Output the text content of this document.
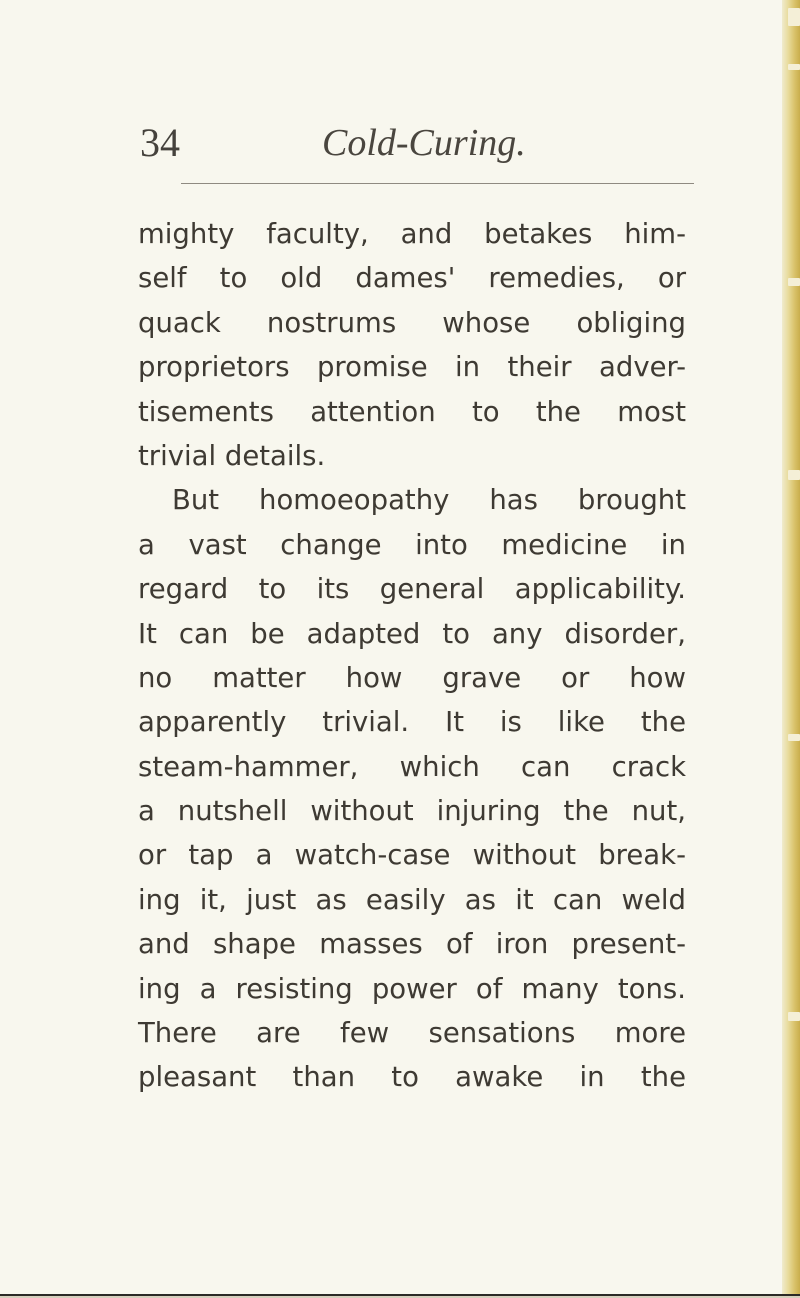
34	Cold-Curing.
mighty faculty, and betakes him-
self to old dames' remedies, or
quack nostrums whose obliging
proprietors promise in their adver-
tisements attention to the most
trivial details.
But homoeopathy has brought
a vast change into medicine in
regard to its general applicability.
It can be adapted to any disorder,
no matter how grave or how
apparently trivial. It is like the
steam-hammer, which can crack
a nutshell without injuring the nut,
or tap a watch-case without break-
ing it, just as easily as it can weld
and shape masses of iron present-
ing a resisting power of many tons.
There are few sensations more
pleasant than to awake in the
